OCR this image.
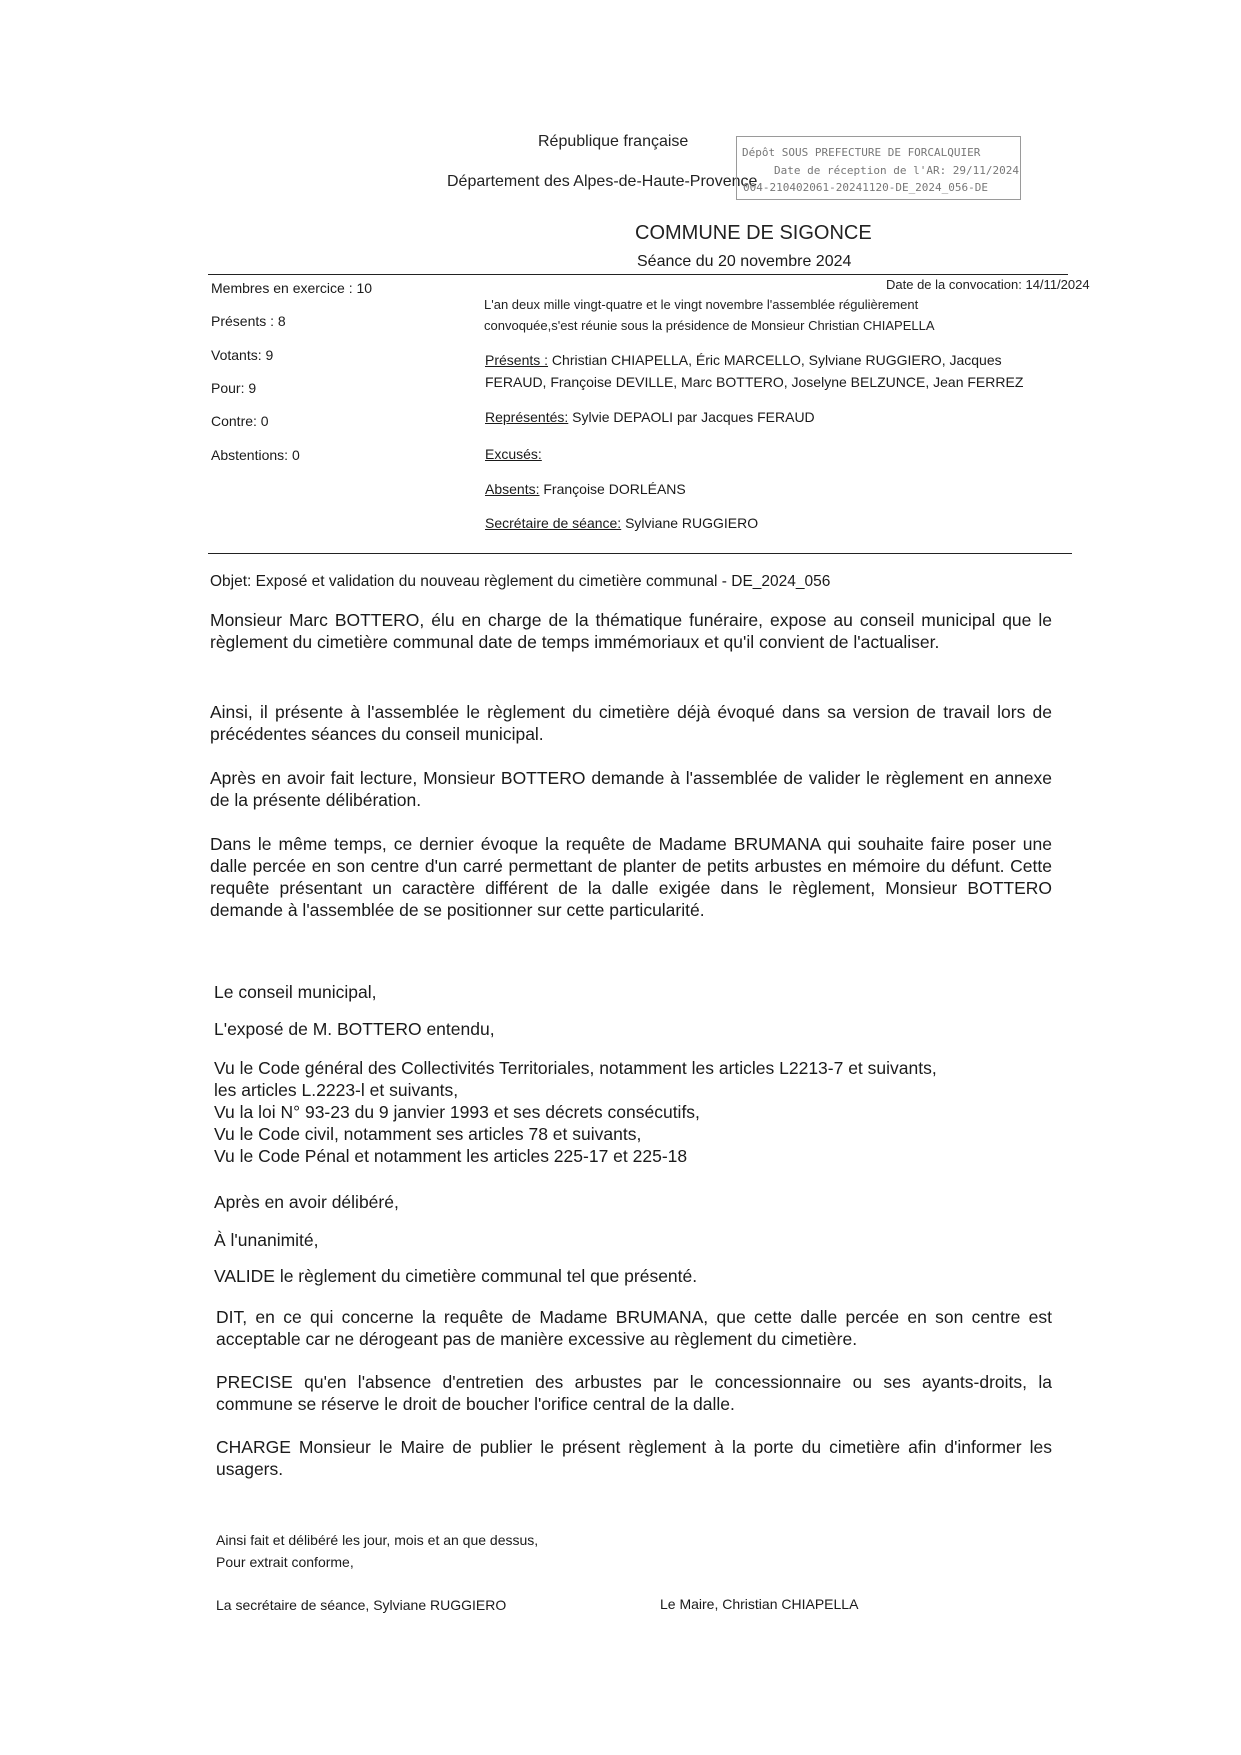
République française
Département des Alpes-de-Haute-Provence
Dépôt SOUS PREFECTURE DE FORCALQUIER
Date de réception de l'AR: 29/11/2024
004-210402061-20241120-DE_2024_056-DE
COMMUNE DE SIGONCE
Séance du 20 novembre 2024
Membres en exercice : 10
Présents : 8
Votants: 9
Pour: 9
Contre: 0
Abstentions: 0
Date de la convocation: 14/11/2024
L'an deux mille vingt-quatre et le vingt novembre l'assemblée régulièrement
convoquée,s'est réunie sous la présidence de Monsieur Christian CHIAPELLA
Présents : Christian CHIAPELLA, Éric MARCELLO, Sylviane RUGGIERO, Jacques
FERAUD, Françoise DEVILLE, Marc BOTTERO, Joselyne BELZUNCE, Jean FERREZ
Représentés: Sylvie DEPAOLI par Jacques FERAUD
Excusés:
Absents: Françoise DORLÉANS
Secrétaire de séance: Sylviane RUGGIERO
Objet: Exposé et validation du nouveau règlement du cimetière communal - DE_2024_056
Monsieur Marc BOTTERO, élu en charge de la thématique funéraire, expose au conseil municipal que le règlement du cimetière communal date de temps immémoriaux et qu'il convient de l'actualiser.
Ainsi, il présente à l'assemblée le règlement du cimetière déjà évoqué dans sa version de travail lors de précédentes séances du conseil municipal.
Après en avoir fait lecture, Monsieur BOTTERO demande à l'assemblée de valider le règlement en annexe de la présente délibération.
Dans le même temps, ce dernier évoque la requête de Madame BRUMANA qui souhaite faire poser une dalle percée en son centre d'un carré permettant de planter de petits arbustes en mémoire du défunt. Cette requête présentant un caractère différent de la dalle exigée dans le règlement, Monsieur BOTTERO demande à l'assemblée de se positionner sur cette particularité.
Le conseil municipal,
L'exposé de M. BOTTERO entendu,
Vu le Code général des Collectivités Territoriales, notamment les articles L2213-7 et suivants,
les articles L.2223-l et suivants,
Vu la loi N° 93-23 du 9 janvier 1993 et ses décrets consécutifs,
Vu le Code civil, notamment ses articles 78 et suivants,
Vu le Code Pénal et notamment les articles 225-17 et 225-18
Après en avoir délibéré,
À l'unanimité,
VALIDE le règlement du cimetière communal tel que présenté.
DIT, en ce qui concerne la requête de Madame BRUMANA, que cette dalle percée en son centre est acceptable car ne dérogeant pas de manière excessive au règlement du cimetière.
PRECISE qu'en l'absence d'entretien des arbustes par le concessionnaire ou ses ayants-droits, la commune se réserve le droit de boucher l'orifice central de la dalle.
CHARGE Monsieur le Maire de publier le présent règlement à la porte du cimetière afin d'informer les usagers.
Ainsi fait et délibéré les jour, mois et an que dessus,
Pour extrait conforme,
La secrétaire de séance, Sylviane RUGGIERO	Le Maire, Christian CHIAPELLA
